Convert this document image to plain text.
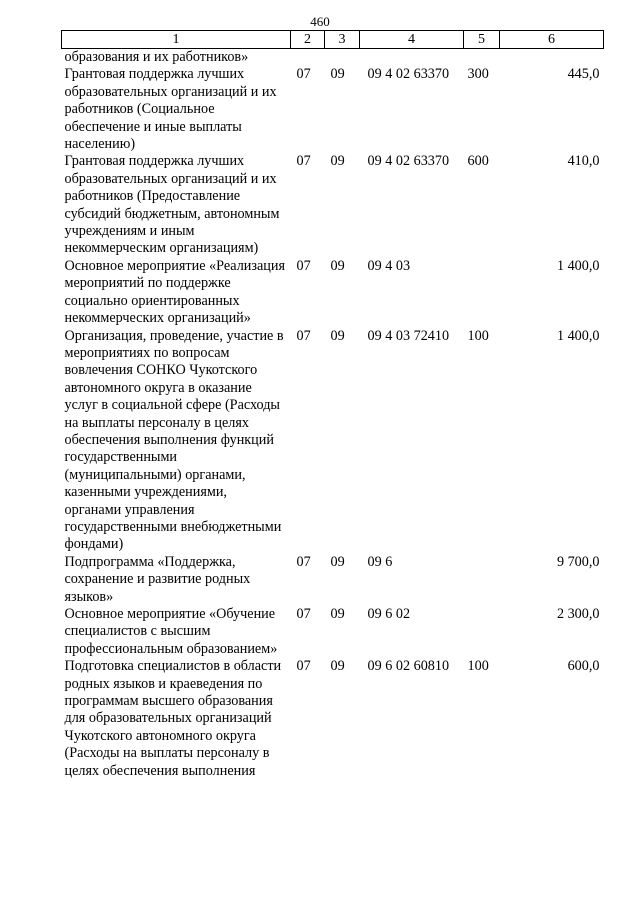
460
1	2	3	4	5	6
образования и их работников»					
Грантовая поддержка лучших образовательных организаций и их работников (Социальное обеспечение и иные выплаты населению)	07	09	09 4 02 63370	300	445,0
Грантовая поддержка лучших образовательных организаций и их работников (Предоставление субсидий бюджетным, автономным учреждениям и иным некоммерческим организациям)	07	09	09 4 02 63370	600	410,0
Основное мероприятие «Реализация мероприятий по поддержке социально ориентированных некоммерческих организаций»	07	09	09 4 03		1 400,0
Организация, проведение, участие в мероприятиях по вопросам вовлечения СОНКО Чукотского автономного округа в оказание услуг в социальной сфере (Расходы на выплаты персоналу в целях обеспечения выполнения функций государственными (муниципальными) органами, казенными учреждениями, органами управления государственными внебюджетными фондами)	07	09	09 4 03 72410	100	1 400,0
Подпрограмма «Поддержка, сохранение и развитие родных языков»	07	09	09 6		9 700,0
Основное мероприятие «Обучение специалистов с высшим профессиональным образованием»	07	09	09 6 02		2 300,0
Подготовка специалистов в области родных языков и краеведения по программам высшего образования для образовательных организаций Чукотского автономного округа (Расходы на выплаты персоналу в целях обеспечения выполнения	07	09	09 6 02 60810	100	600,0
